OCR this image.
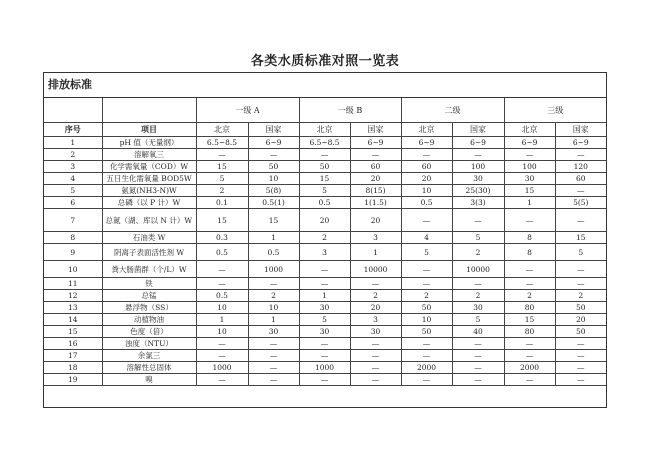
各类水质标准对照一览表
排放标准
		一级 A		一级 B		二级		三级	
序号	项目	北京	国家	北京	国家	北京	国家	北京	国家
1	pH 值（无量纲）	6.5~8.5	6~9	6.5~8.5	6~9	6~9	6~9	6~9	6~9
2	溶解氧三	—	—	—	—	—	—	—	—
3	化学需氧量（COD）W	15	50	50	60	60	100	100	120
4	五日生化需氧量 BOD5W	5	10	15	20	20	30	30	60
5	氨氮(NH3-N)W	2	5(8)	5	8(15)	10	25(30)	15	—
6	总磷（以 P 计）W	0.1	0.5(1)	0.5	1(1.5)	0.5	3(3)	1	5(5)
7	总氮（湖、库以 N 计）W	15	15	20	20	—	—	—	—
8	石油类 W	0.3	1	2	3	4	5	8	15
9	阴离子表面活性剂 W	0.5	0.5	3	1	5	2	8	5
10	粪大肠菌群（个/L）W	—	1000	—	10000	—	10000	—	—
11	铁	—	—	—	—	—	—	—	—
12	总锰	0.5	2	1	2	2	2	2	2
13	悬浮物（SS）	10	10	30	20	50	30	80	50
14	动植物油	1	1	5	3	10	5	15	20
15	色度（倍）	10	30	30	30	50	40	80	50
16	浊度（NTU）	—	—	—	—	—	—	—	—
17	余氯三	—	—	—	—	—	—	—	—
18	溶解性总固体	1000	—	1000	—	2000	—	2000	—
19	嗅	—	—	—	—	—	—	—	—
